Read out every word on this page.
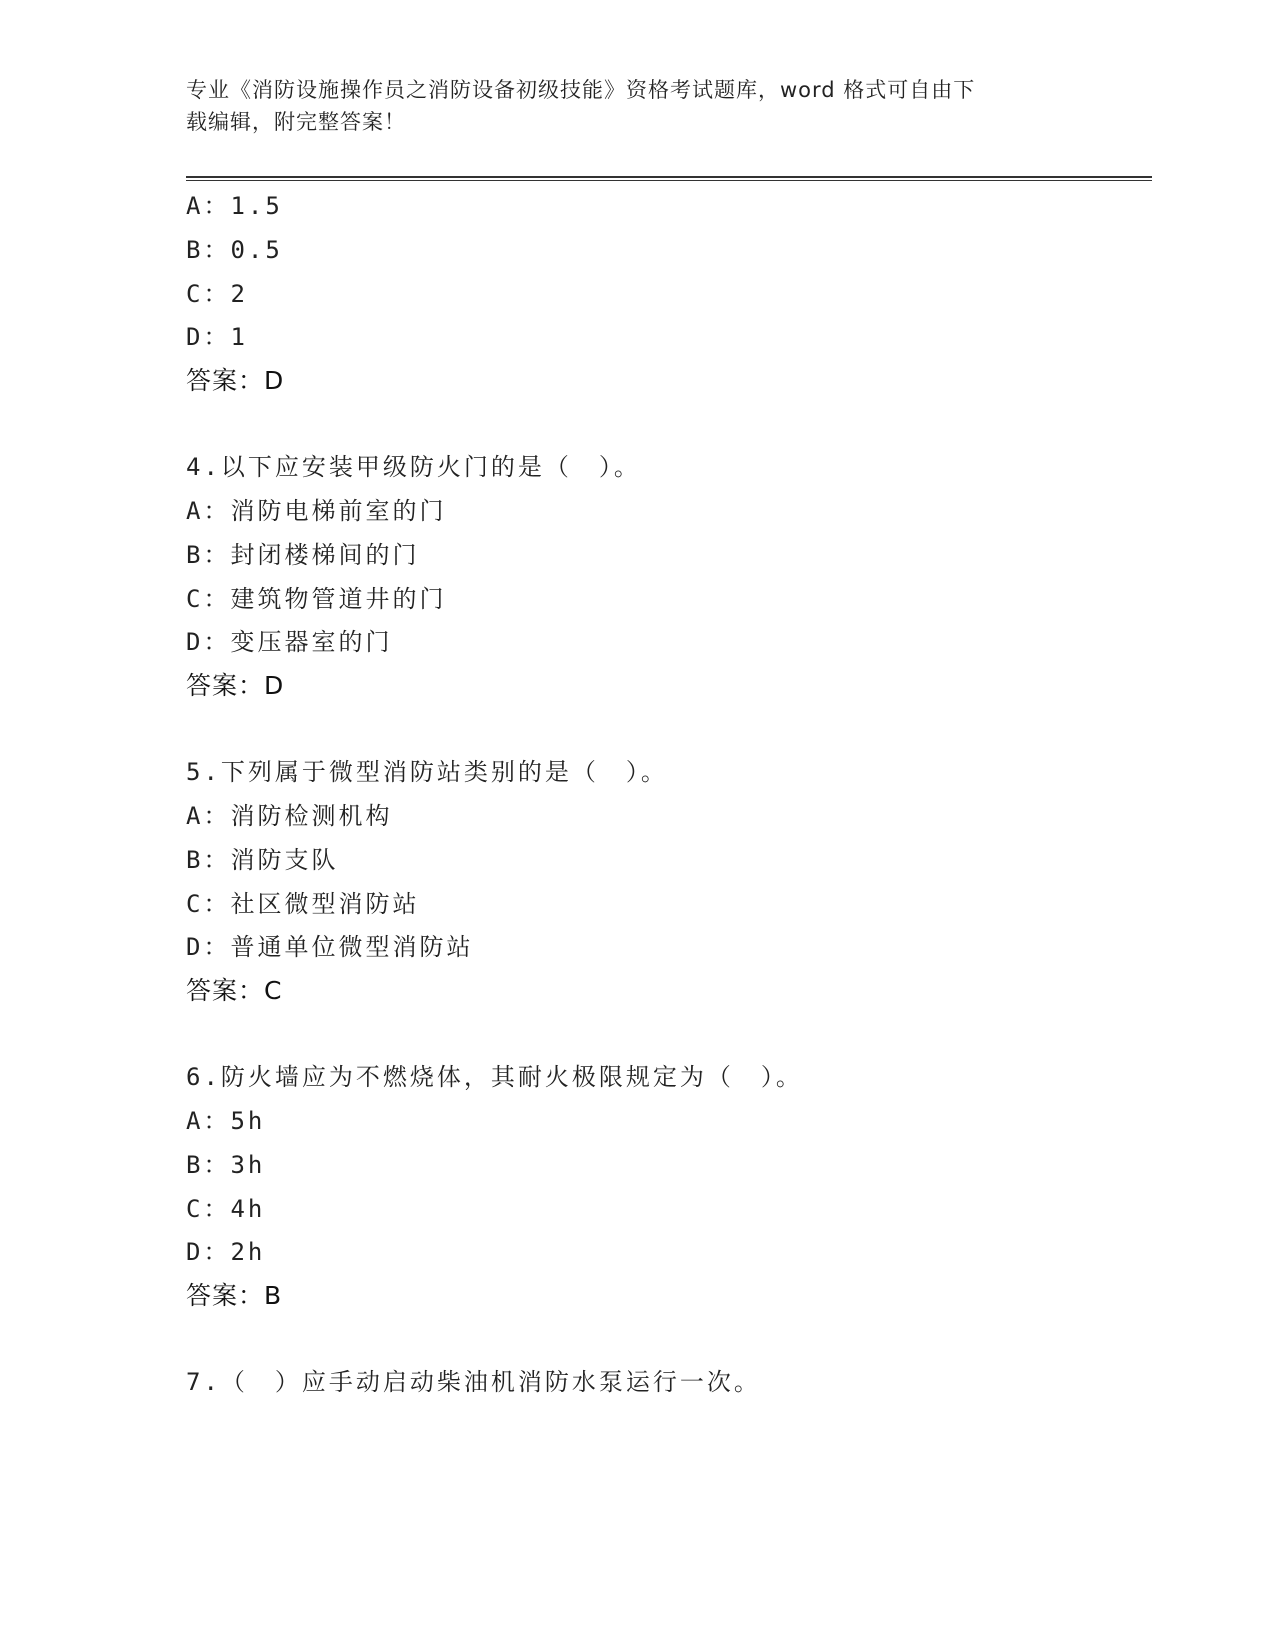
专业《消防设施操作员之消防设备初级技能》资格考试题库，word 格式可自由下
载编辑，附完整答案！
A：1.5
B：0.5
C：2
D：1
答案：D
4.以下应安装甲级防火门的是（　）。
A：消防电梯前室的门
B：封闭楼梯间的门
C：建筑物管道井的门
D：变压器室的门
答案：D
5.下列属于微型消防站类别的是（　）。
A：消防检测机构
B：消防支队
C：社区微型消防站
D：普通单位微型消防站
答案：C
6.防火墙应为不燃烧体，其耐火极限规定为（　）。
A：5h
B：3h
C：4h
D：2h
答案：B
7.（　）应手动启动柴油机消防水泵运行一次。
